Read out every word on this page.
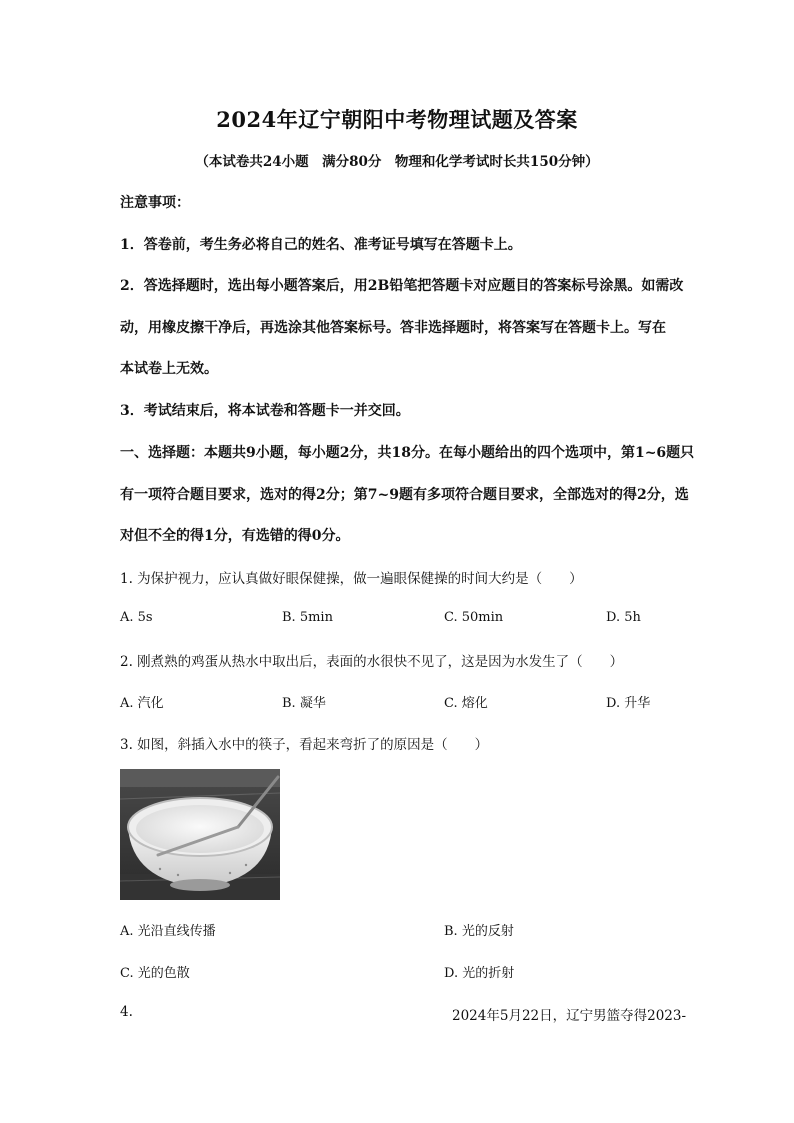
2024年辽宁朝阳中考物理试题及答案
（本试卷共24小题　满分80分　物理和化学考试时长共150分钟）
注意事项：
1．答卷前，考生务必将自己的姓名、准考证号填写在答题卡上。
2．答选择题时，选出每小题答案后，用2B铅笔把答题卡对应题目的答案标号涂黑。如需改
动，用橡皮擦干净后，再选涂其他答案标号。答非选择题时，将答案写在答题卡上。写在
本试卷上无效。
3．考试结束后，将本试卷和答题卡一并交回。
一、选择题：本题共9小题，每小题2分，共18分。在每小题给出的四个选项中，第1~6题只
有一项符合题目要求，选对的得2分；第7~9题有多项符合题目要求，全部选对的得2分，选
对但不全的得1分，有选错的得0分。
1. 为保护视力，应认真做好眼保健操，做一遍眼保健操的时间大约是（　　）
A. 5s	B. 5min	C. 50min	D. 5h
2. 刚煮熟的鸡蛋从热水中取出后，表面的水很快不见了，这是因为水发生了（　　）
A. 汽化	B. 凝华	C. 熔化	D. 升华
3. 如图，斜插入水中的筷子，看起来弯折了的原因是（　　）
A. 光沿直线传播	B. 光的反射
C. 光的色散	D. 光的折射
4.	2024年5月22日，辽宁男篮夺得2023-
